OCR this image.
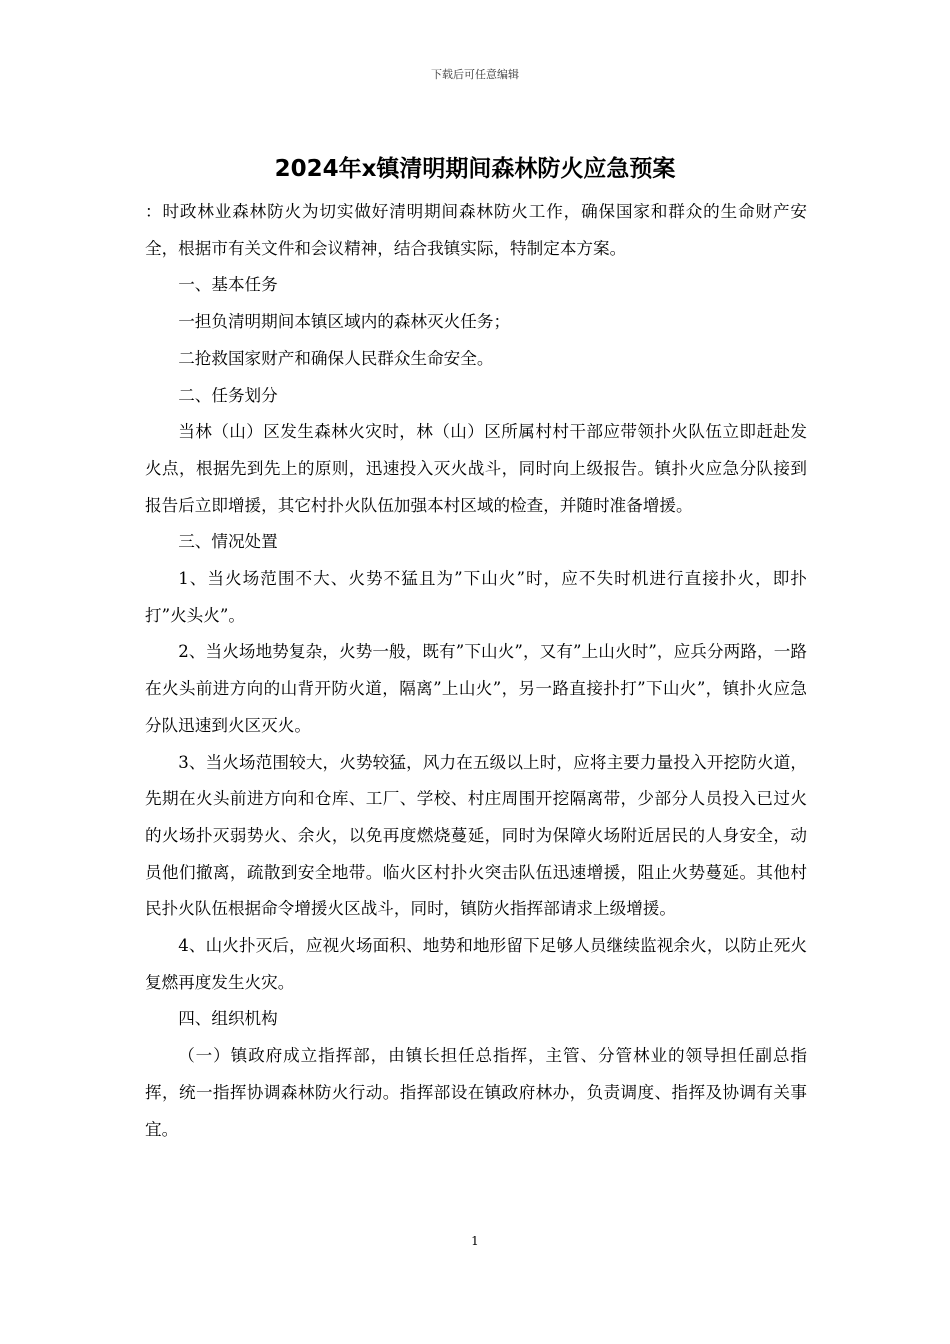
下载后可任意编辑
2024年x镇清明期间森林防火应急预案

：时政林业森林防火为切实做好清明期间森林防火工作，确保国家和群众的生命财产安全，根据市有关文件和会议精神，结合我镇实际，特制定本方案。

一、基本任务

一担负清明期间本镇区域内的森林灭火任务；

二抢救国家财产和确保人民群众生命安全。

二、任务划分

当林（山）区发生森林火灾时，林（山）区所属村村干部应带领扑火队伍立即赶赴发火点，根据先到先上的原则，迅速投入灭火战斗，同时向上级报告。镇扑火应急分队接到报告后立即增援，其它村扑火队伍加强本村区域的检查，并随时准备增援。

三、情况处置

1、当火场范围不大、火势不猛且为”下山火”时，应不失时机进行直接扑火，即扑打”火头火”。

2、当火场地势复杂，火势一般，既有”下山火”，又有”上山火时”，应兵分两路，一路在火头前进方向的山背开防火道，隔离”上山火”，另一路直接扑打”下山火”，镇扑火应急分队迅速到火区灭火。

3、当火场范围较大，火势较猛，风力在五级以上时，应将主要力量投入开挖防火道，先期在火头前进方向和仓库、工厂、学校、村庄周围开挖隔离带，少部分人员投入已过火的火场扑灭弱势火、余火，以免再度燃烧蔓延，同时为保障火场附近居民的人身安全，动员他们撤离，疏散到安全地带。临火区村扑火突击队伍迅速增援，阻止火势蔓延。其他村民扑火队伍根据命令增援火区战斗，同时，镇防火指挥部请求上级增援。

4、山火扑灭后，应视火场面积、地势和地形留下足够人员继续监视余火，以防止死火复燃再度发生火灾。

四、组织机构

（一）镇政府成立指挥部，由镇长担任总指挥，主管、分管林业的领导担任副总指挥，统一指挥协调森林防火行动。指挥部设在镇政府林办，负责调度、指挥及协调有关事宜。

1
